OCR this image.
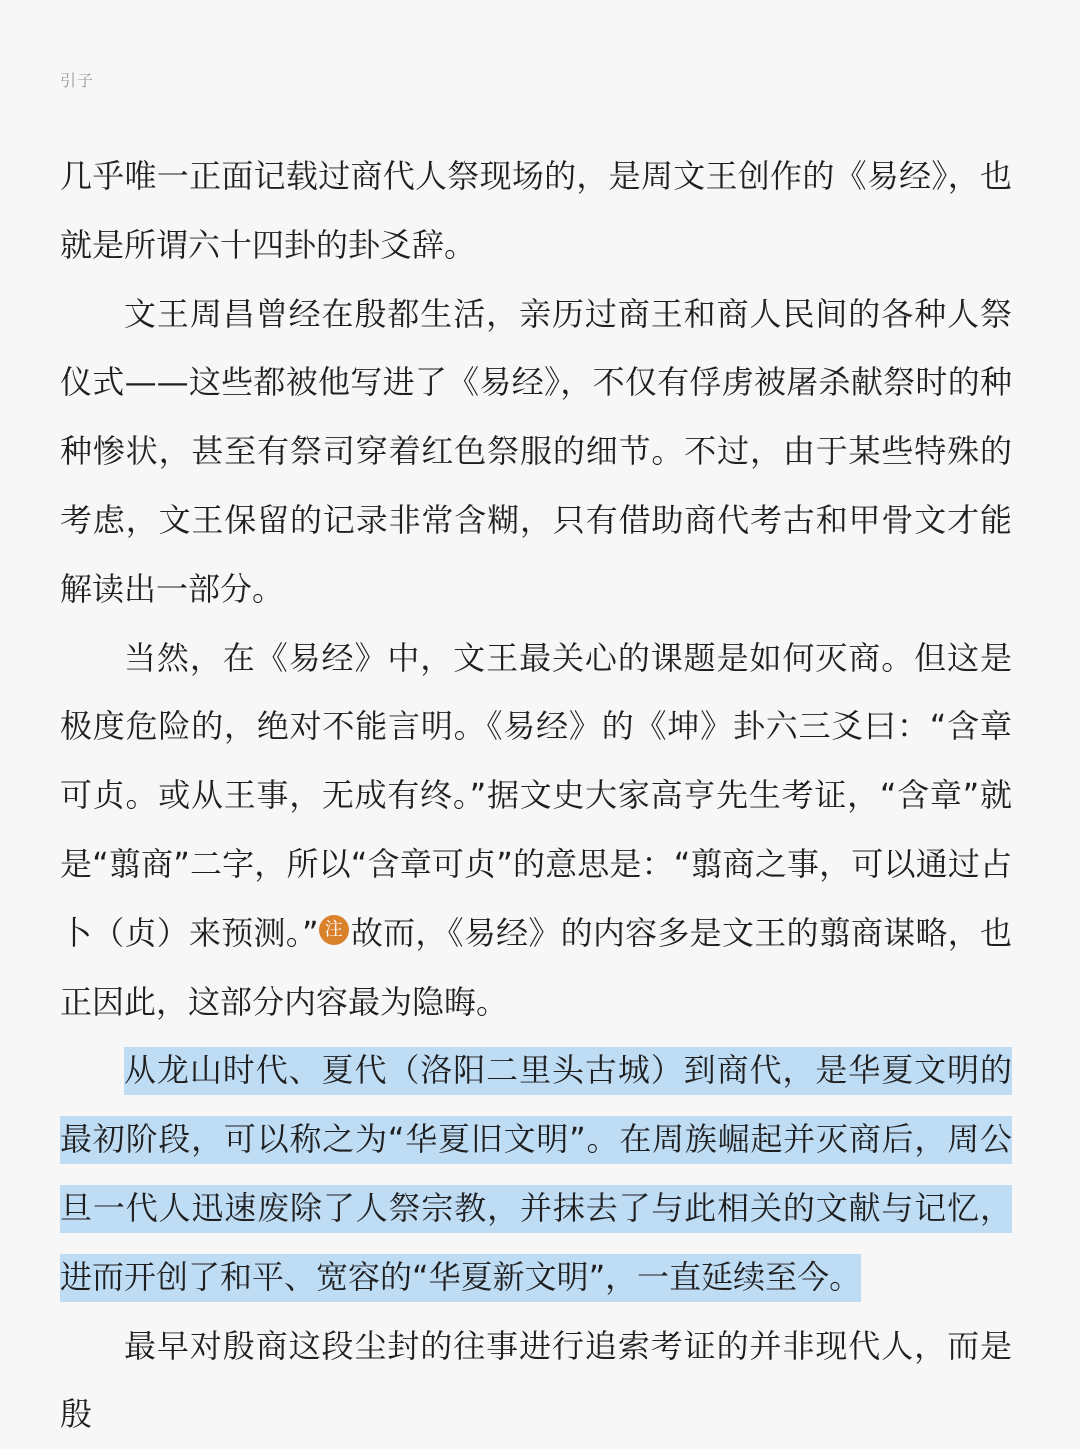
引子

几乎唯一正面记载过商代人祭现场的，是周文王创作的《易经》，也就是所谓六十四卦的卦爻辞。

文王周昌曾经在殷都生活，亲历过商王和商人民间的各种人祭仪式——这些都被他写进了《易经》，不仅有俘虏被屠杀献祭时的种种惨状，甚至有祭司穿着红色祭服的细节。不过，由于某些特殊的考虑，文王保留的记录非常含糊，只有借助商代考古和甲骨文才能解读出一部分。

当然，在《易经》中，文王最关心的课题是如何灭商。但这是极度危险的，绝对不能言明。《易经》的《坤》卦六三爻曰：“含章可贞。或从王事，无成有终。”据文史大家高亨先生考证，“含章”就是“翦商”二字，所以“含章可贞”的意思是：“翦商之事，可以通过占卜（贞）来预测。” 注 故而，《易经》的内容多是文王的翦商谋略，也正因此，这部分内容最为隐晦。

从龙山时代、夏代（洛阳二里头古城）到商代，是华夏文明的最初阶段，可以称之为“华夏旧文明”。在周族崛起并灭商后，周公旦一代人迅速废除了人祭宗教，并抹去了与此相关的文献与记忆，进而开创了和平、宽容的“华夏新文明”，一直延续至今。

最早对殷商这段尘封的往事进行追索考证的并非现代人，而是殷
